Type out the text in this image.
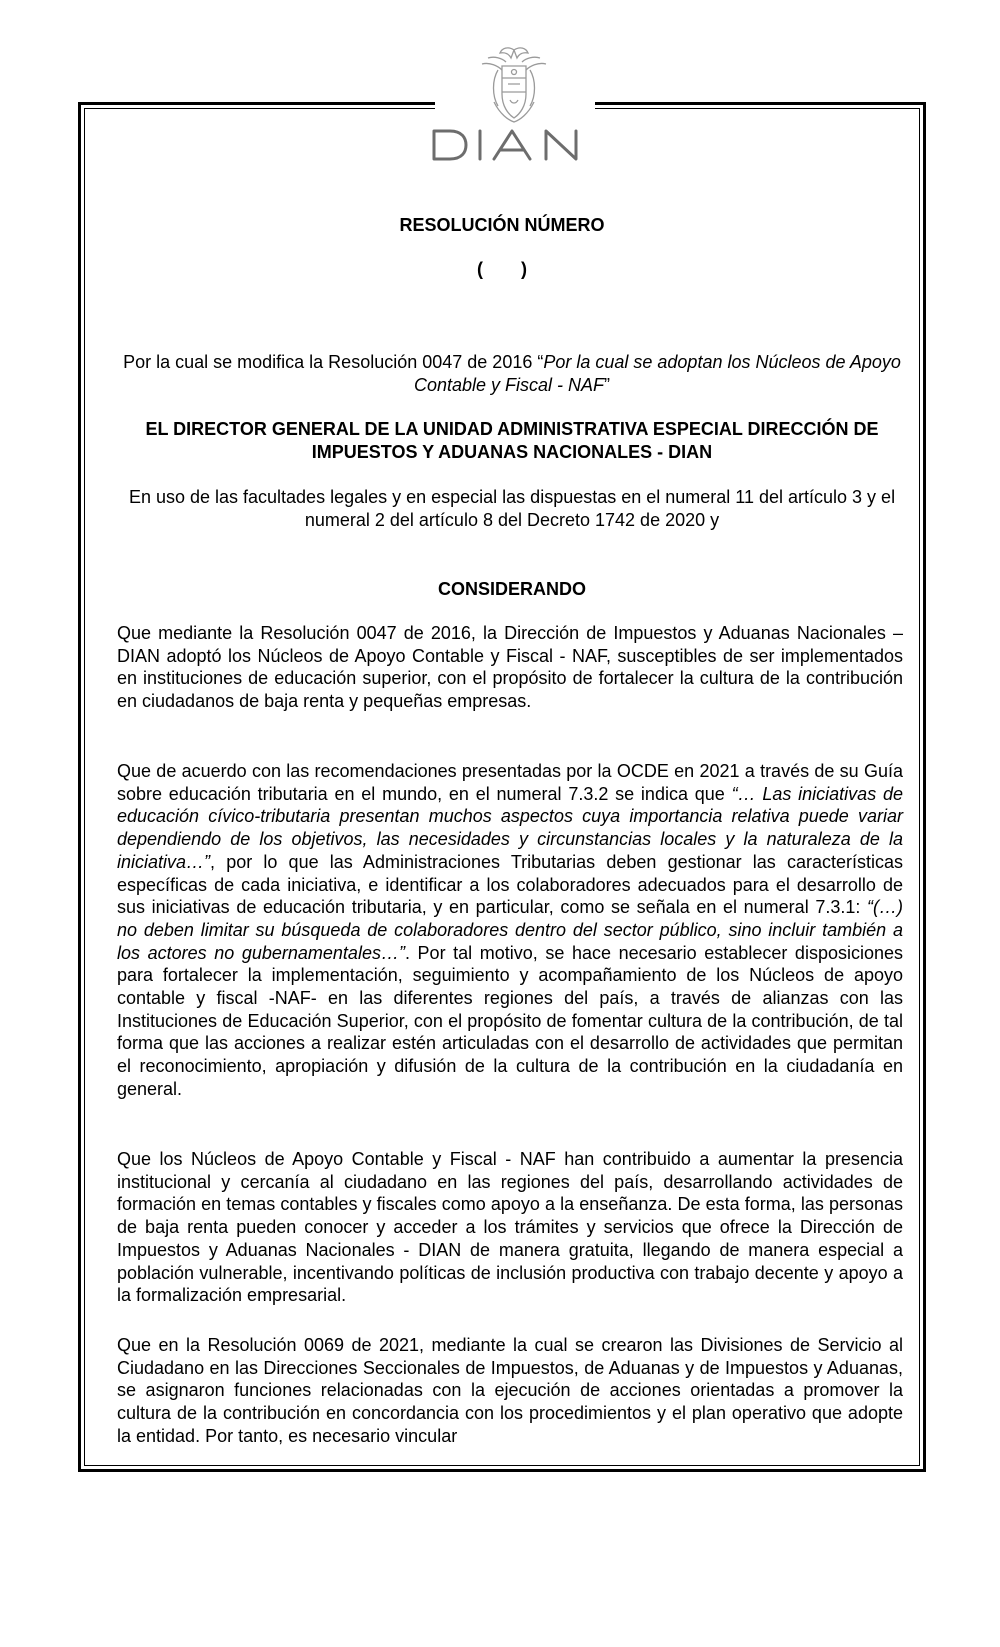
RESOLUCIÓN NÚMERO
( )
Por la cual se modifica la Resolución 0047 de 2016 “Por la cual se adoptan los Núcleos de Apoyo Contable y Fiscal - NAF”
EL DIRECTOR GENERAL DE LA UNIDAD ADMINISTRATIVA ESPECIAL DIRECCIÓN DE IMPUESTOS Y ADUANAS NACIONALES - DIAN
En uso de las facultades legales y en especial las dispuestas en el numeral 11 del artículo 3 y el numeral 2 del artículo 8 del Decreto 1742 de 2020 y
CONSIDERANDO

Que mediante la Resolución 0047 de 2016, la Dirección de Impuestos y Aduanas Nacionales – DIAN adoptó los Núcleos de Apoyo Contable y Fiscal - NAF, susceptibles de ser implementados en instituciones de educación superior, con el propósito de fortalecer la cultura de la contribución en ciudadanos de baja renta y pequeñas empresas.

Que de acuerdo con las recomendaciones presentadas por la OCDE en 2021 a través de su Guía sobre educación tributaria en el mundo, en el numeral 7.3.2 se indica que “… Las iniciativas de educación cívico-tributaria presentan muchos aspectos cuya importancia relativa puede variar dependiendo de los objetivos, las necesidades y circunstancias locales y la naturaleza de la iniciativa…”, por lo que las Administraciones Tributarias deben gestionar las características específicas de cada iniciativa, e identificar a los colaboradores adecuados para el desarrollo de sus iniciativas de educación tributaria, y en particular, como se señala en el numeral 7.3.1: “(…) no deben limitar su búsqueda de colaboradores dentro del sector público, sino incluir también a los actores no gubernamentales…”. Por tal motivo, se hace necesario establecer disposiciones para fortalecer la implementación, seguimiento y acompañamiento de los Núcleos de apoyo contable y fiscal -NAF- en las diferentes regiones del país, a través de alianzas con las Instituciones de Educación Superior, con el propósito de fomentar cultura de la contribución, de tal forma que las acciones a realizar estén articuladas con el desarrollo de actividades que permitan el reconocimiento, apropiación y difusión de la cultura de la contribución en la ciudadanía en general.

Que los Núcleos de Apoyo Contable y Fiscal - NAF han contribuido a aumentar la presencia institucional y cercanía al ciudadano en las regiones del país, desarrollando actividades de formación en temas contables y fiscales como apoyo a la enseñanza. De esta forma, las personas de baja renta pueden conocer y acceder a los trámites y servicios que ofrece la Dirección de Impuestos y Aduanas Nacionales - DIAN de manera gratuita, llegando de manera especial a población vulnerable, incentivando políticas de inclusión productiva con trabajo decente y apoyo a la formalización empresarial.

Que en la Resolución 0069 de 2021, mediante la cual se crearon las Divisiones de Servicio al Ciudadano en las Direcciones Seccionales de Impuestos, de Aduanas y de Impuestos y Aduanas, se asignaron funciones relacionadas con la ejecución de acciones orientadas a promover la cultura de la contribución en concordancia con los procedimientos y el plan operativo que adopte la entidad. Por tanto, es necesario vincular
